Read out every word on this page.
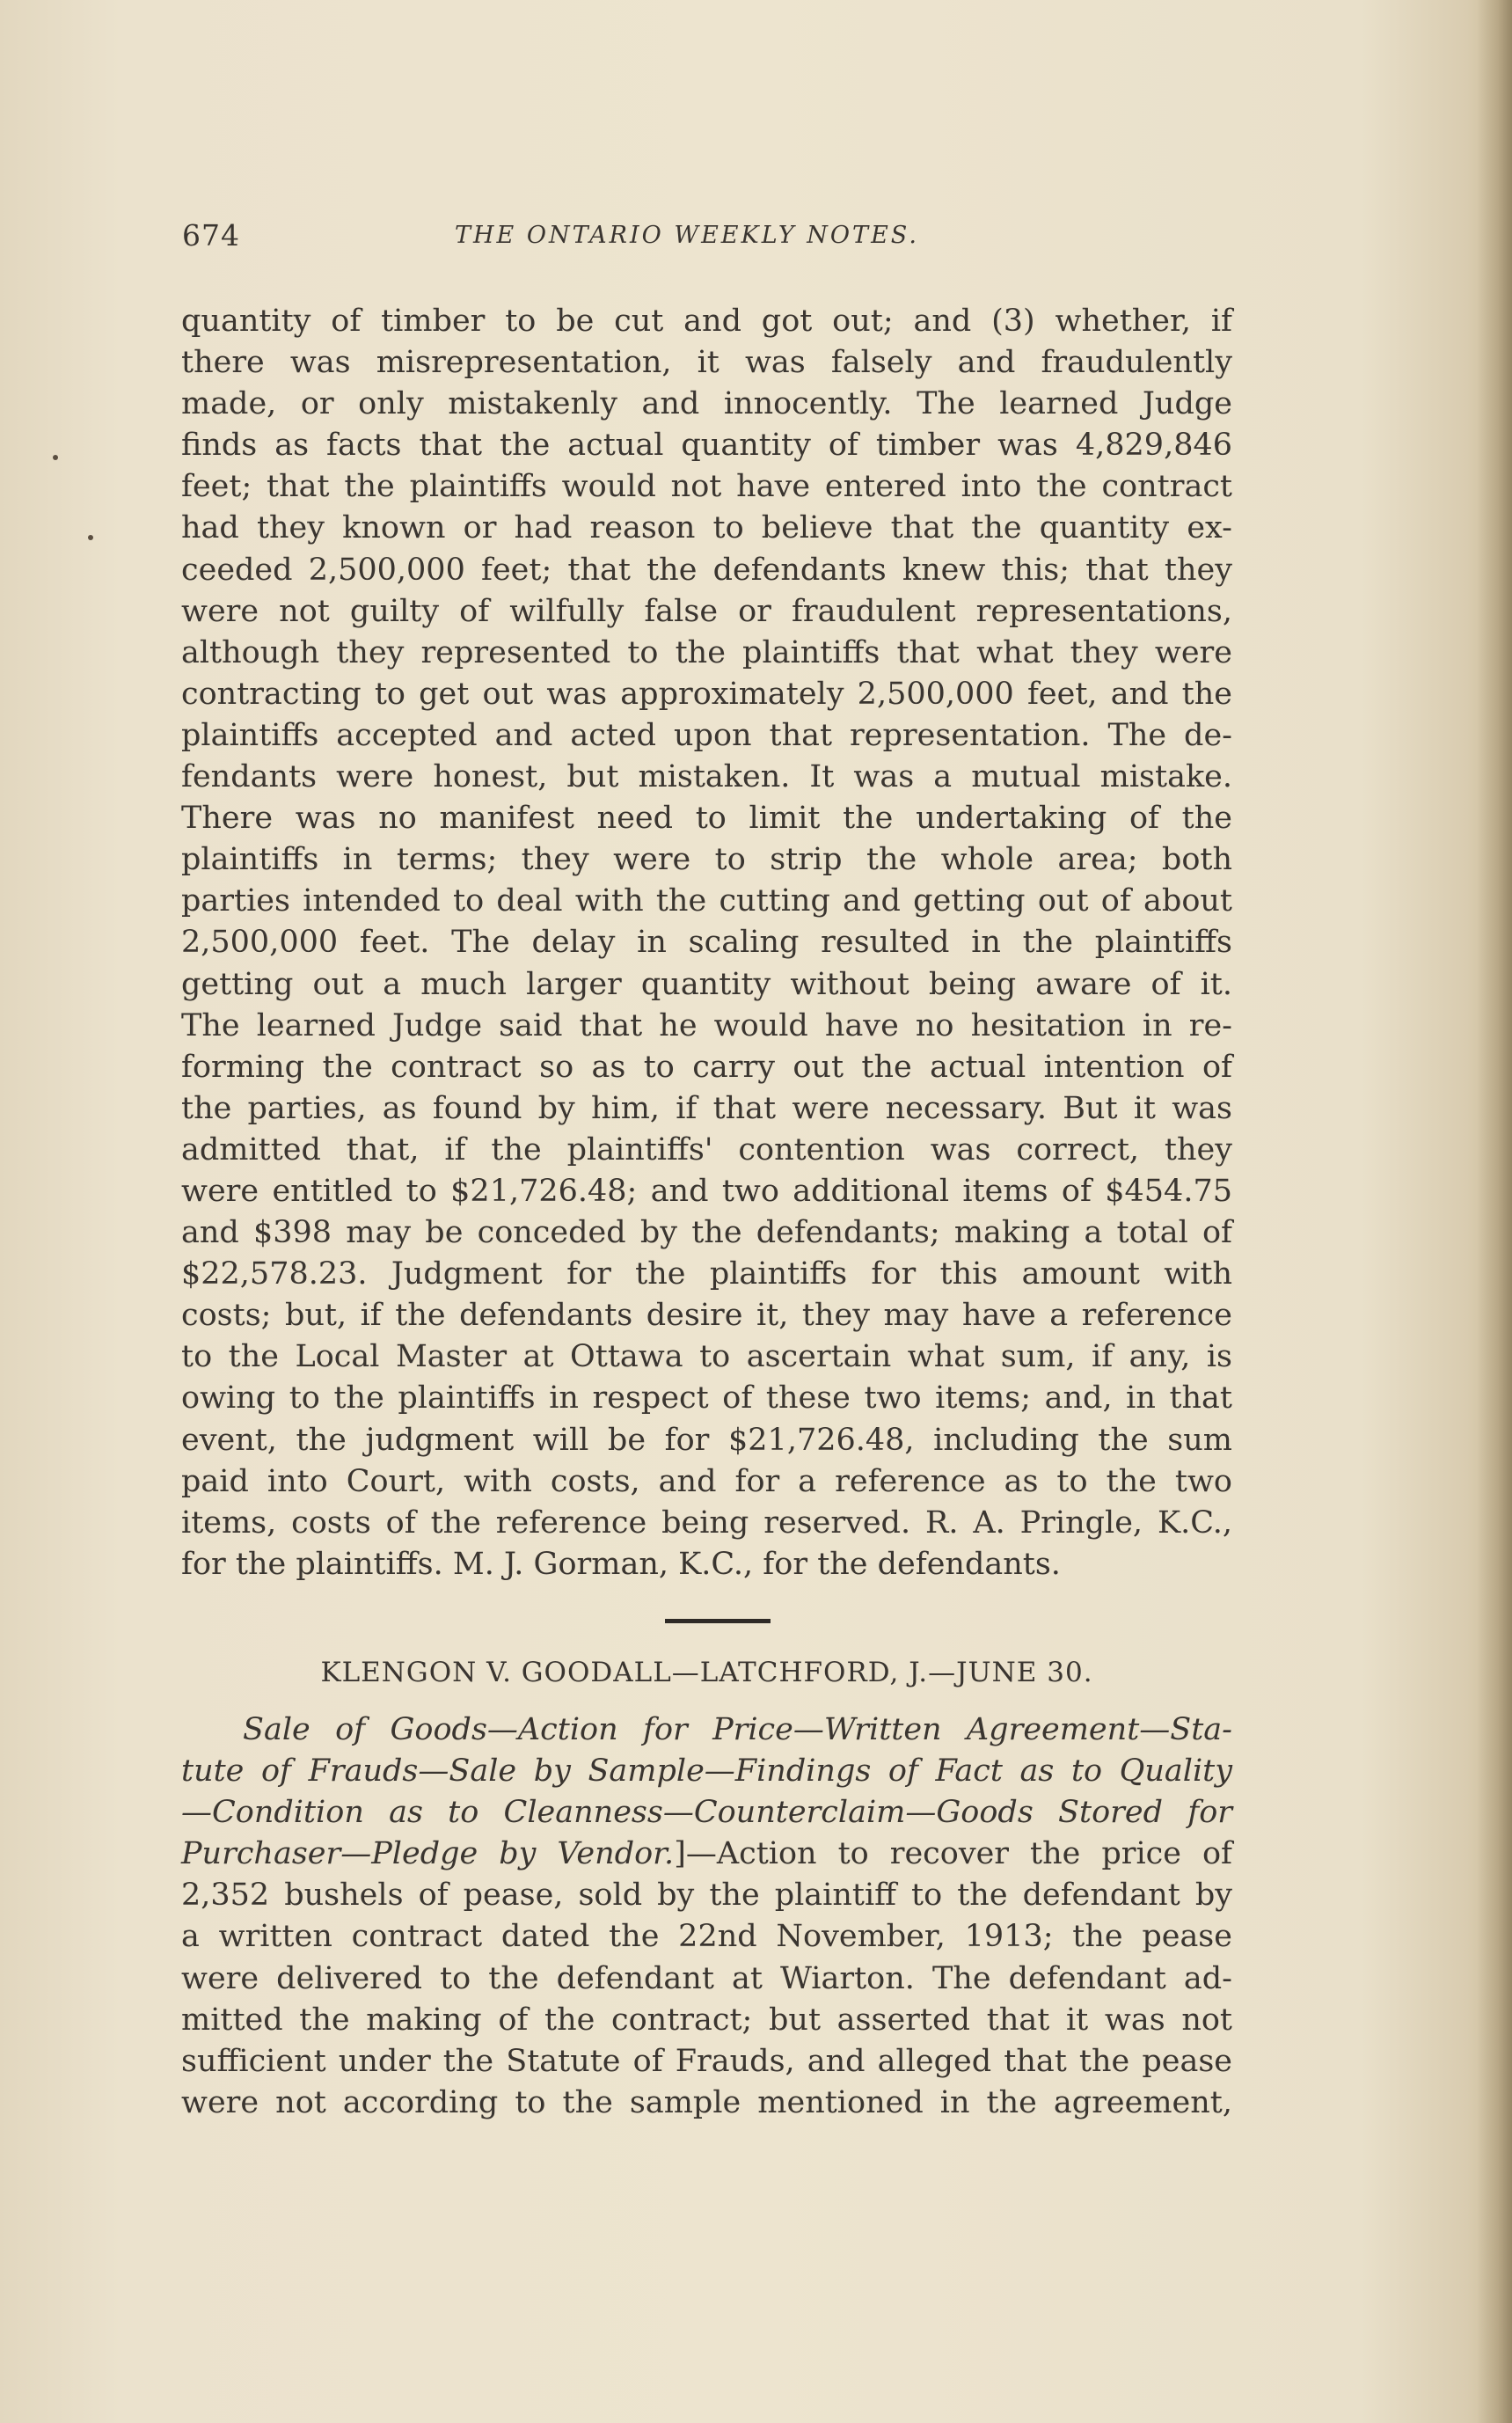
674	THE ONTARIO WEEKLY NOTES.
quantity of timber to be cut and got out; and (3) whether, if
there was misrepresentation, it was falsely and fraudulently
made, or only mistakenly and innocently. The learned Judge
finds as facts that the actual quantity of timber was 4,829,846
feet; that the plaintiffs would not have entered into the contract
had they known or had reason to believe that the quantity ex-
ceeded 2,500,000 feet; that the defendants knew this; that they
were not guilty of wilfully false or fraudulent representations,
although they represented to the plaintiffs that what they were
contracting to get out was approximately 2,500,000 feet, and the
plaintiffs accepted and acted upon that representation. The de-
fendants were honest, but mistaken. It was a mutual mistake.
There was no manifest need to limit the undertaking of the
plaintiffs in terms; they were to strip the whole area; both
parties intended to deal with the cutting and getting out of about
2,500,000 feet. The delay in scaling resulted in the plaintiffs
getting out a much larger quantity without being aware of it.
The learned Judge said that he would have no hesitation in re-
forming the contract so as to carry out the actual intention of
the parties, as found by him, if that were necessary. But it was
admitted that, if the plaintiffs' contention was correct, they
were entitled to $21,726.48; and two additional items of $454.75
and $398 may be conceded by the defendants; making a total of
$22,578.23. Judgment for the plaintiffs for this amount with
costs; but, if the defendants desire it, they may have a reference
to the Local Master at Ottawa to ascertain what sum, if any, is
owing to the plaintiffs in respect of these two items; and, in that
event, the judgment will be for $21,726.48, including the sum
paid into Court, with costs, and for a reference as to the two
items, costs of the reference being reserved. R. A. Pringle, K.C.,
for the plaintiffs. M. J. Gorman, K.C., for the defendants.
KLENGON V. GOODALL—LATCHFORD, J.—JUNE 30.
Sale of Goods—Action for Price—Written Agreement—Sta-
tute of Frauds—Sale by Sample—Findings of Fact as to Quality
—Condition as to Cleanness—Counterclaim—Goods Stored for
Purchaser—Pledge by Vendor.]—Action to recover the price of
2,352 bushels of pease, sold by the plaintiff to the defendant by
a written contract dated the 22nd November, 1913; the pease
were delivered to the defendant at Wiarton. The defendant ad-
mitted the making of the contract; but asserted that it was not
sufficient under the Statute of Frauds, and alleged that the pease
were not according to the sample mentioned in the agreement,
